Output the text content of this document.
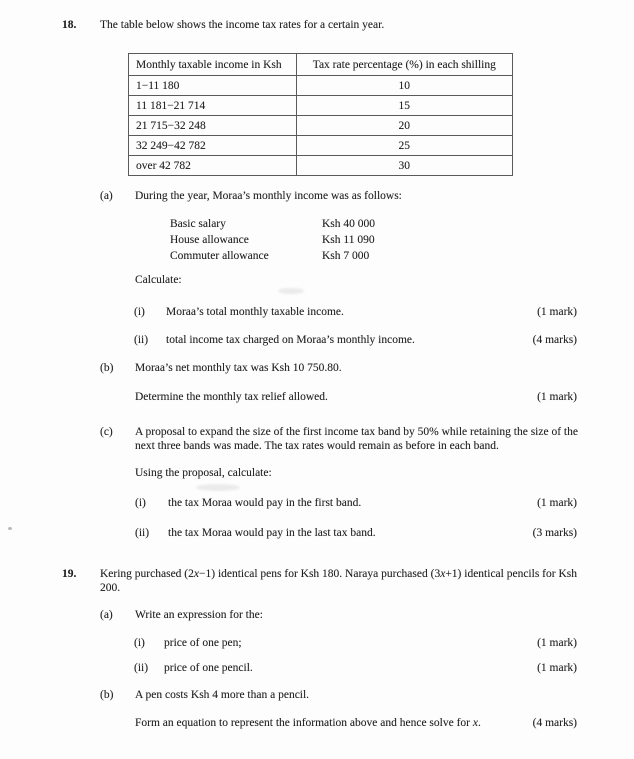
18. The table below shows the income tax rates for a certain year.
Monthly taxable income in Ksh	Tax rate percentage (%) in each shilling
1−11 180	10
11 181−21 714	15
21 715−32 248	20
32 249−42 782	25
over 42 782	30
(a) During the year, Moraa’s monthly income was as follows:
Basic salary	Ksh 40 000
House allowance	Ksh 11 090
Commuter allowance	Ksh 7 000
Calculate:
(i) Moraa’s total monthly taxable income.	(1 mark)
(ii) total income tax charged on Moraa’s monthly income.	(4 marks)
(b) Moraa’s net monthly tax was Ksh 10 750.80.
Determine the monthly tax relief allowed.	(1 mark)
(c) A proposal to expand the size of the first income tax band by 50% while retaining the size of the next three bands was made. The tax rates would remain as before in each band.
Using the proposal, calculate:
(i) the tax Moraa would pay in the first band.	(1 mark)
(ii) the tax Moraa would pay in the last tax band.	(3 marks)
19. Kering purchased (2x−1) identical pens for Ksh 180. Naraya purchased (3x+1) identical pencils for Ksh 200.
(a) Write an expression for the:
(i) price of one pen;	(1 mark)
(ii) price of one pencil.	(1 mark)
(b) A pen costs Ksh 4 more than a pencil.
Form an equation to represent the information above and hence solve for x.	(4 marks)
